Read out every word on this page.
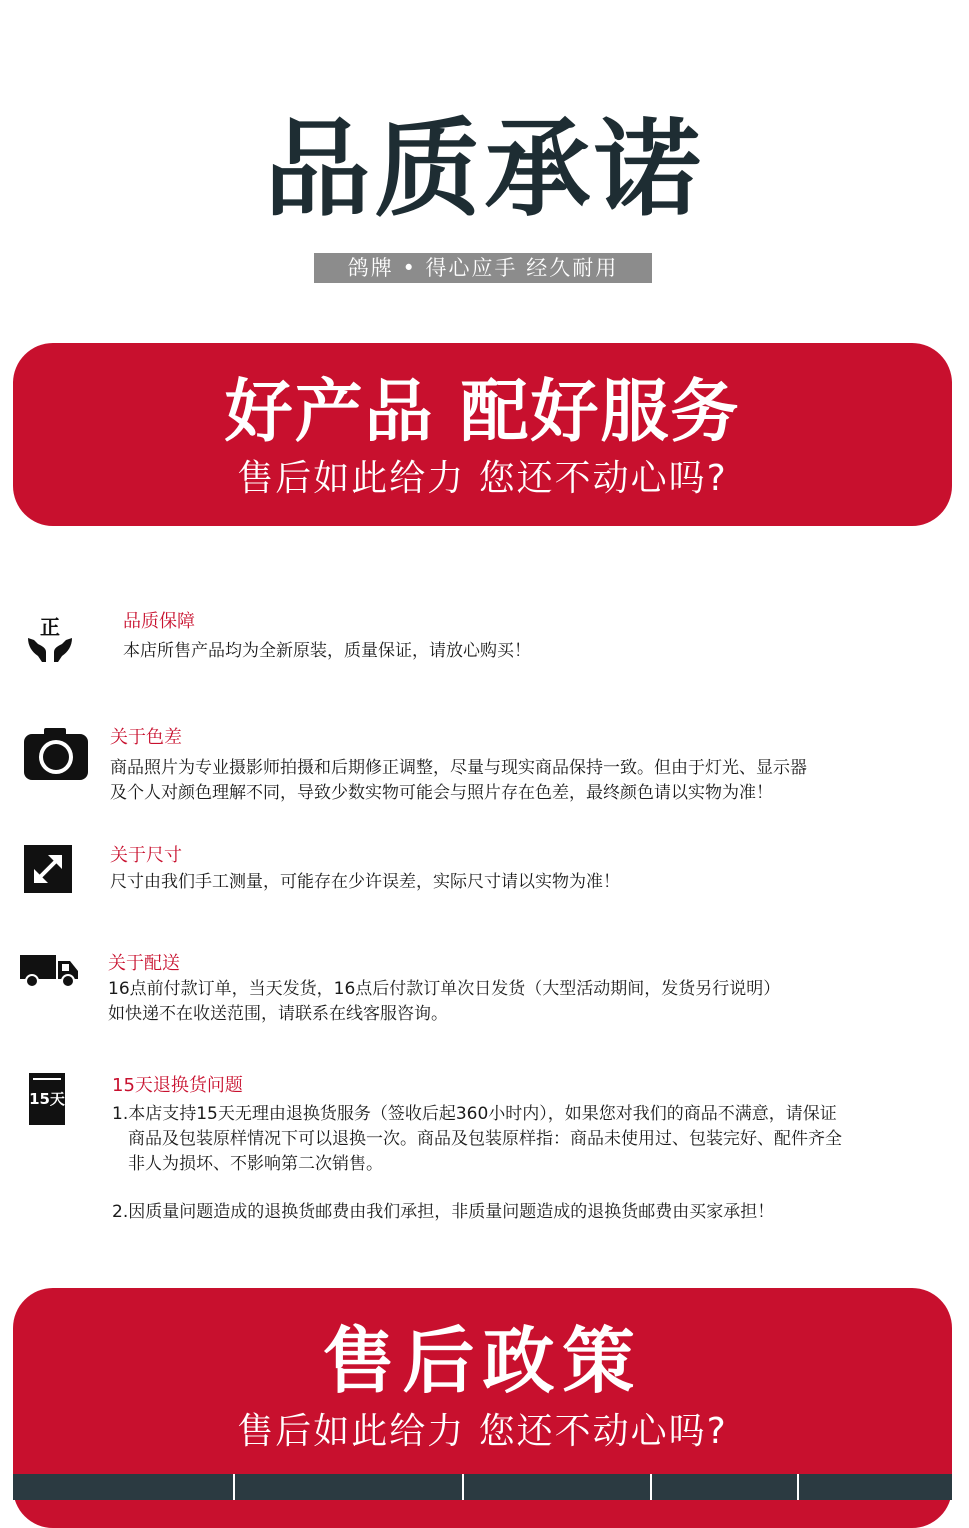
品质承诺
鸽牌 • 得心应手 经久耐用
好产品 配好服务
售后如此给力 您还不动心吗?
正	品质保障
本店所售产品均为全新原装，质量保证，请放心购买！
关于色差
商品照片为专业摄影师拍摄和后期修正调整，尽量与现实商品保持一致。但由于灯光、显示器
及个人对颜色理解不同，导致少数实物可能会与照片存在色差，最终颜色请以实物为准！
关于尺寸
尺寸由我们手工测量，可能存在少许误差，实际尺寸请以实物为准！
关于配送
16点前付款订单，当天发货，16点后付款订单次日发货（大型活动期间，发货另行说明）
如快递不在收送范围，请联系在线客服咨询。
15天
15天退换货问题
1.本店支持15天无理由退换货服务（签收后起360小时内），如果您对我们的商品不满意，请保证
商品及包装原样情况下可以退换一次。商品及包装原样指：商品未使用过、包装完好、配件齐全
非人为损坏、不影响第二次销售。
2.因质量问题造成的退换货邮费由我们承担，非质量问题造成的退换货邮费由买家承担！
售后政策
售后如此给力 您还不动心吗?
